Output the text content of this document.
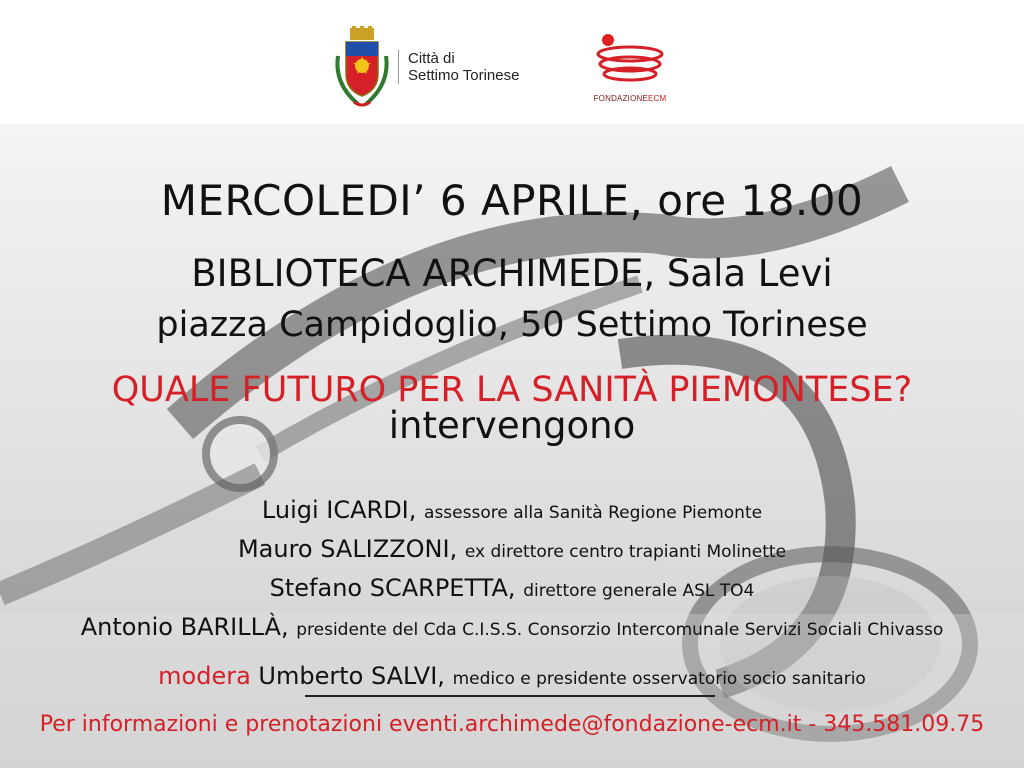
Città di
Settimo Torinese
FONDAZIONEECM
MERCOLEDI’ 6 APRILE, ore 18.00
BIBLIOTECA ARCHIMEDE, Sala Levi
piazza Campidoglio, 50 Settimo Torinese
QUALE FUTURO PER LA SANITÀ PIEMONTESE?
intervengono
Luigi ICARDI, assessore alla Sanità Regione Piemonte
Mauro SALIZZONI, ex direttore centro trapianti Molinette
Stefano SCARPETTA, direttore generale ASL TO4
Antonio BARILLÀ, presidente del Cda C.I.S.S. Consorzio Intercomunale Servizi Sociali Chivasso
modera Umberto SALVI, medico e presidente osservatorio socio sanitario
Per informazioni e prenotazioni eventi.archimede@fondazione-ecm.it - 345.581.09.75
